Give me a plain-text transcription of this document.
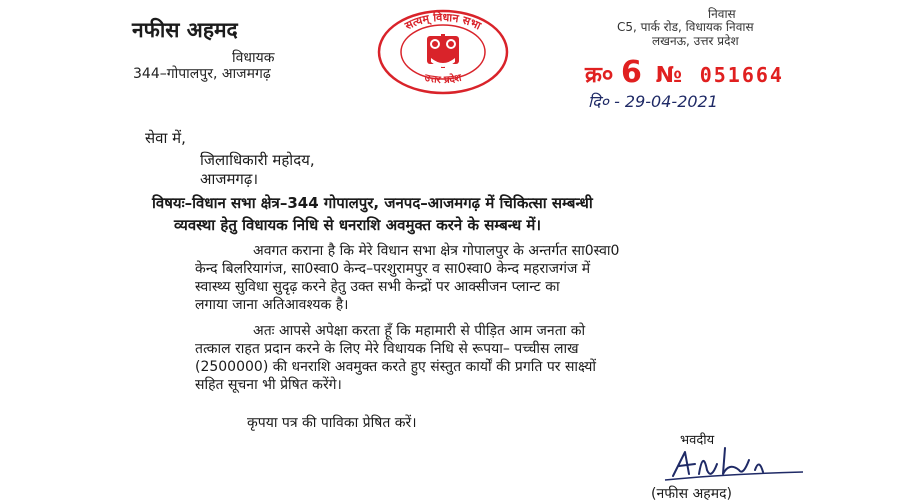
नफीस अहमद
विधायक
344–गोपालपुर, आजमगढ़
सत्यम् विधान सभा
उत्तर प्रदेश
निवास
C5, पार्क रोड, विधायक निवास
लखनऊ, उत्तर प्रदेश
क्र० 6 № 051664
दि० - 29-04-2021
सेवा में,
जिलाधिकारी महोदय,
आजमगढ़।
विषयः–विधान सभा क्षेत्र–344 गोपालपुर, जनपद–आजमगढ़ में चिकित्सा सम्बन्धी
व्यवस्था हेतु विधायक निधि से धनराशि अवमुक्त करने के सम्बन्ध में।
अवगत कराना है कि मेरे विधान सभा क्षेत्र गोपालपुर के अन्तर्गत सा0स्वा0
केन्द बिलरियागंज, सा0स्वा0 केन्द–परशुरामपुर व सा0स्वा0 केन्द महराजगंज में
स्वास्थ्य सुविधा सुदृढ़ करने हेतु उक्त सभी केन्द्रों पर आक्सीजन प्लान्ट का
लगाया जाना अतिआवश्यक है।
अतः आपसे अपेक्षा करता हूँ कि महामारी से पीड़ित आम जनता को
तत्काल राहत प्रदान करने के लिए मेरे विधायक निधि से रूपया– पच्चीस लाख
(2500000) की धनराशि अवमुक्त करते हुए संस्तुत कार्यों की प्रगति पर साक्ष्यों
सहित सूचना भी प्रेषित करेंगे।
कृपया पत्र की पाविका प्रेषित करें।
भवदीय
(नफीस अहमद)
